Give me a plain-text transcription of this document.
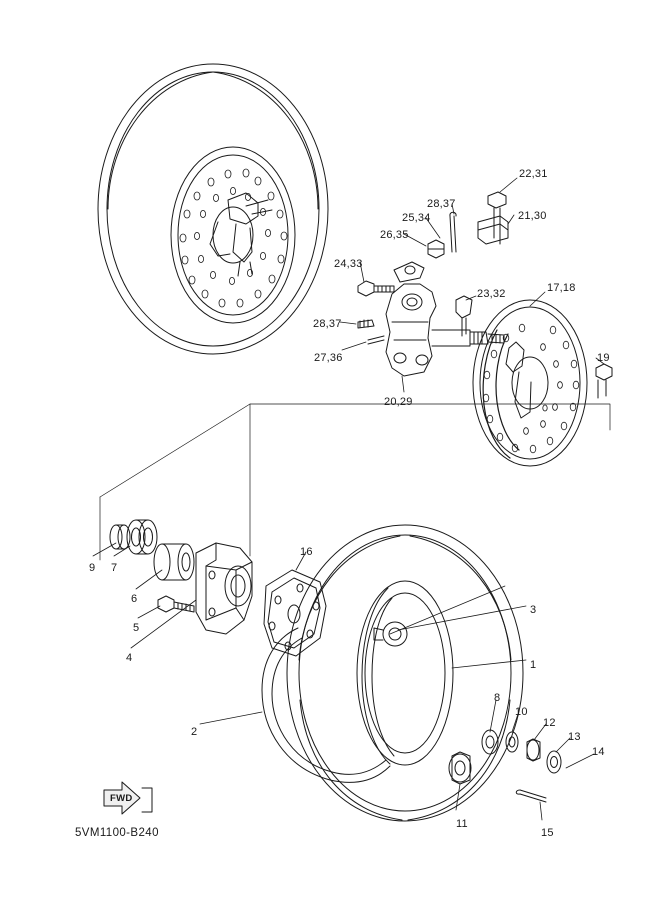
22,31
21,30
28,37
25,34
26,35
24,33
23,32	17,18
28,37
27,36	19
20,29
16
9 7
6
5
4
3
1
8
10
12
13
14
2
11
15
FWD
5VM1100-B240
